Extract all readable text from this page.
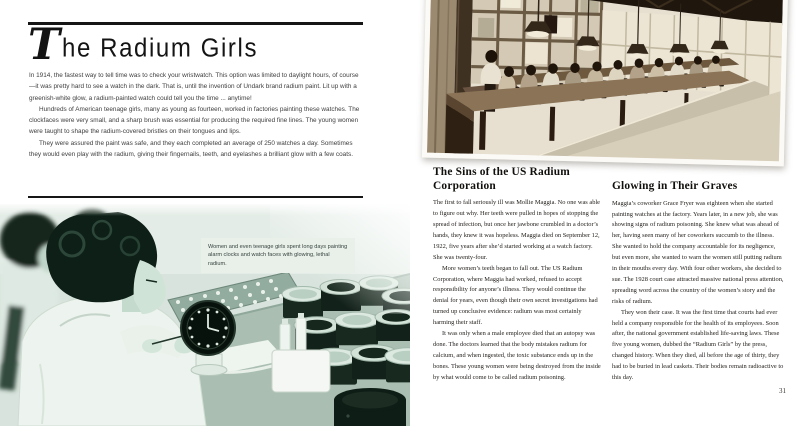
T he Radium Girls

In 1914, the fastest way to tell time was to check your wristwatch. This option was limited to daylight hours, of course—it was pretty hard to see a watch in the dark. That is, until the invention of Undark brand radium paint. Lit up with a greenish-white glow, a radium-painted watch could tell you the time ... anytime!

Hundreds of American teenage girls, many as young as fourteen, worked in factories painting these watches. The clockfaces were very small, and a sharp brush was essential for producing the required fine lines. The young women were taught to shape the radium-covered bristles on their tongues and lips.

They were assured the paint was safe, and they each completed an average of 250 watches a day. Sometimes they would even play with the radium, giving their fingernails, teeth, and eyelashes a brilliant glow with a few coats.

Women and even teenage girls spent long days painting alarm clocks and watch faces with glowing, lethal radium.
The Sins of the US Radium Corporation

The first to fall seriously ill was Mollie Maggia. No one was able to figure out why. Her teeth were pulled in hopes of stopping the spread of infection, but once her jawbone crumbled in a doctor’s hands, they knew it was hopeless. Maggia died on September 12, 1922, five years after she’d started working at a watch factory. She was twenty-four.

More women’s teeth began to fall out. The US Radium Corporation, where Maggia had worked, refused to accept responsibility for anyone’s illness. They would continue the denial for years, even though their own secret investigations had turned up conclusive evidence: radium was most certainly harming their staff.

It was only when a male employee died that an autopsy was done. The doctors learned that the body mistakes radium for calcium, and when ingested, the toxic substance ends up in the bones. These young women were being destroyed from the inside by what would come to be called radium poisoning.

Glowing in Their Graves

Maggia’s coworker Grace Fryer was eighteen when she started painting watches at the factory. Years later, in a new job, she was showing signs of radium poisoning. She knew what was ahead of her, having seen many of her coworkers succumb to the illness. She wanted to hold the company accountable for its negligence, but even more, she wanted to warn the women still putting radium in their mouths every day. With four other workers, she decided to sue. The 1928 court case attracted massive national press attention, spreading word across the country of the women’s story and the risks of radium.

They won their case. It was the first time that courts had ever held a company responsible for the health of its employees. Soon after, the national government established life-saving laws. These five young women, dubbed the “Radium Girls” by the press, changed history. When they died, all before the age of thirty, they had to be buried in lead caskets. Their bodies remain radioactive to this day.

31
